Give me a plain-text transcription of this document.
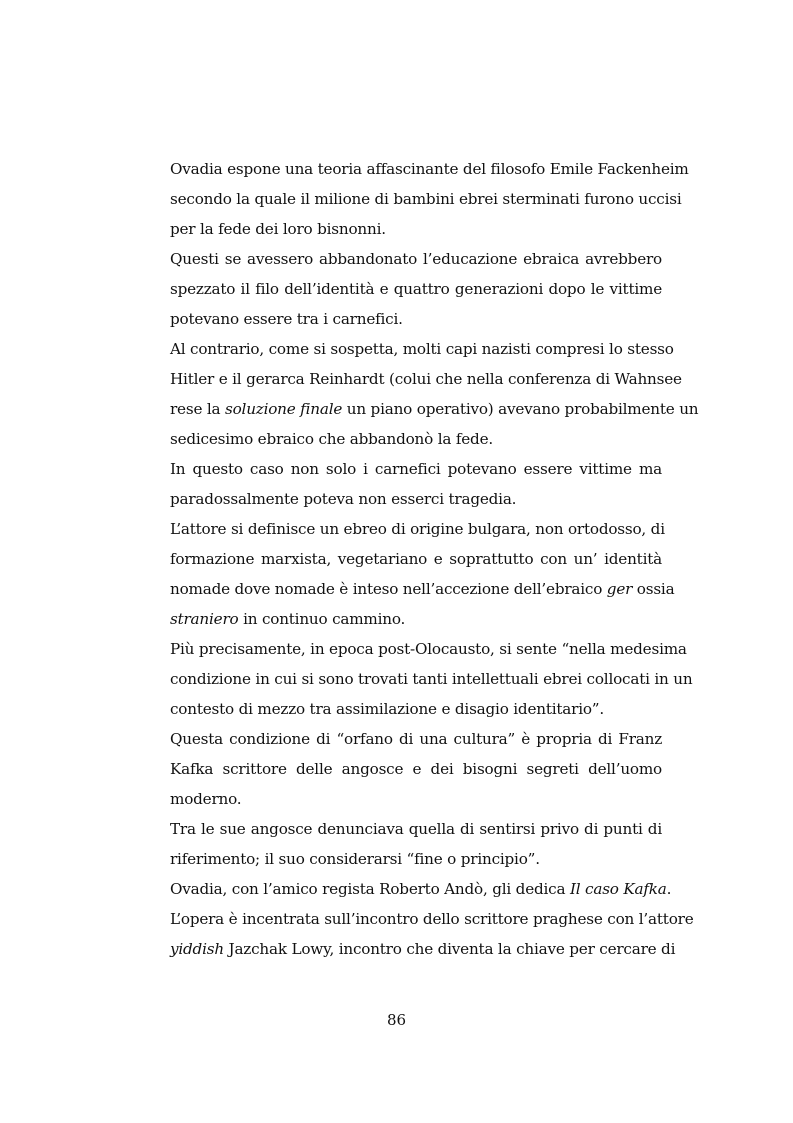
Ovadia espone una teoria affascinante del filosofo Emile Fackenheim
secondo la quale il milione di bambini ebrei sterminati furono uccisi
per la fede dei loro bisnonni.
Questi se avessero abbandonato l’educazione ebraica avrebbero
spezzato il filo dell’identità e quattro generazioni dopo le vittime
potevano essere tra i carnefici.
Al contrario, come si sospetta, molti capi nazisti compresi lo stesso
Hitler e il gerarca Reinhardt (colui che nella conferenza di Wahnsee
rese la soluzione finale un piano operativo) avevano probabilmente un
sedicesimo ebraico che abbandonò la fede.
In questo caso non solo i carnefici potevano essere vittime ma
paradossalmente poteva non esserci tragedia.
L’attore si definisce un ebreo di origine bulgara, non ortodosso, di
formazione marxista, vegetariano e soprattutto con un’ identità
nomade dove nomade è inteso nell’accezione dell’ebraico ger ossia
straniero in continuo cammino.
Più precisamente, in epoca post-Olocausto, si sente “nella medesima
condizione in cui si sono trovati tanti intellettuali ebrei collocati in un
contesto di mezzo tra assimilazione e disagio identitario”.
Questa condizione di “orfano di una cultura” è propria di Franz
Kafka scrittore delle angosce e dei bisogni segreti dell’uomo
moderno.
Tra le sue angosce denunciava quella di sentirsi privo di punti di
riferimento; il suo considerarsi “fine o principio”.
Ovadia, con l’amico regista Roberto Andò, gli dedica Il caso Kafka.
L’opera è incentrata sull’incontro dello scrittore praghese con l’attore
yiddish Jazchak Lowy, incontro che diventa la chiave per cercare di
86
